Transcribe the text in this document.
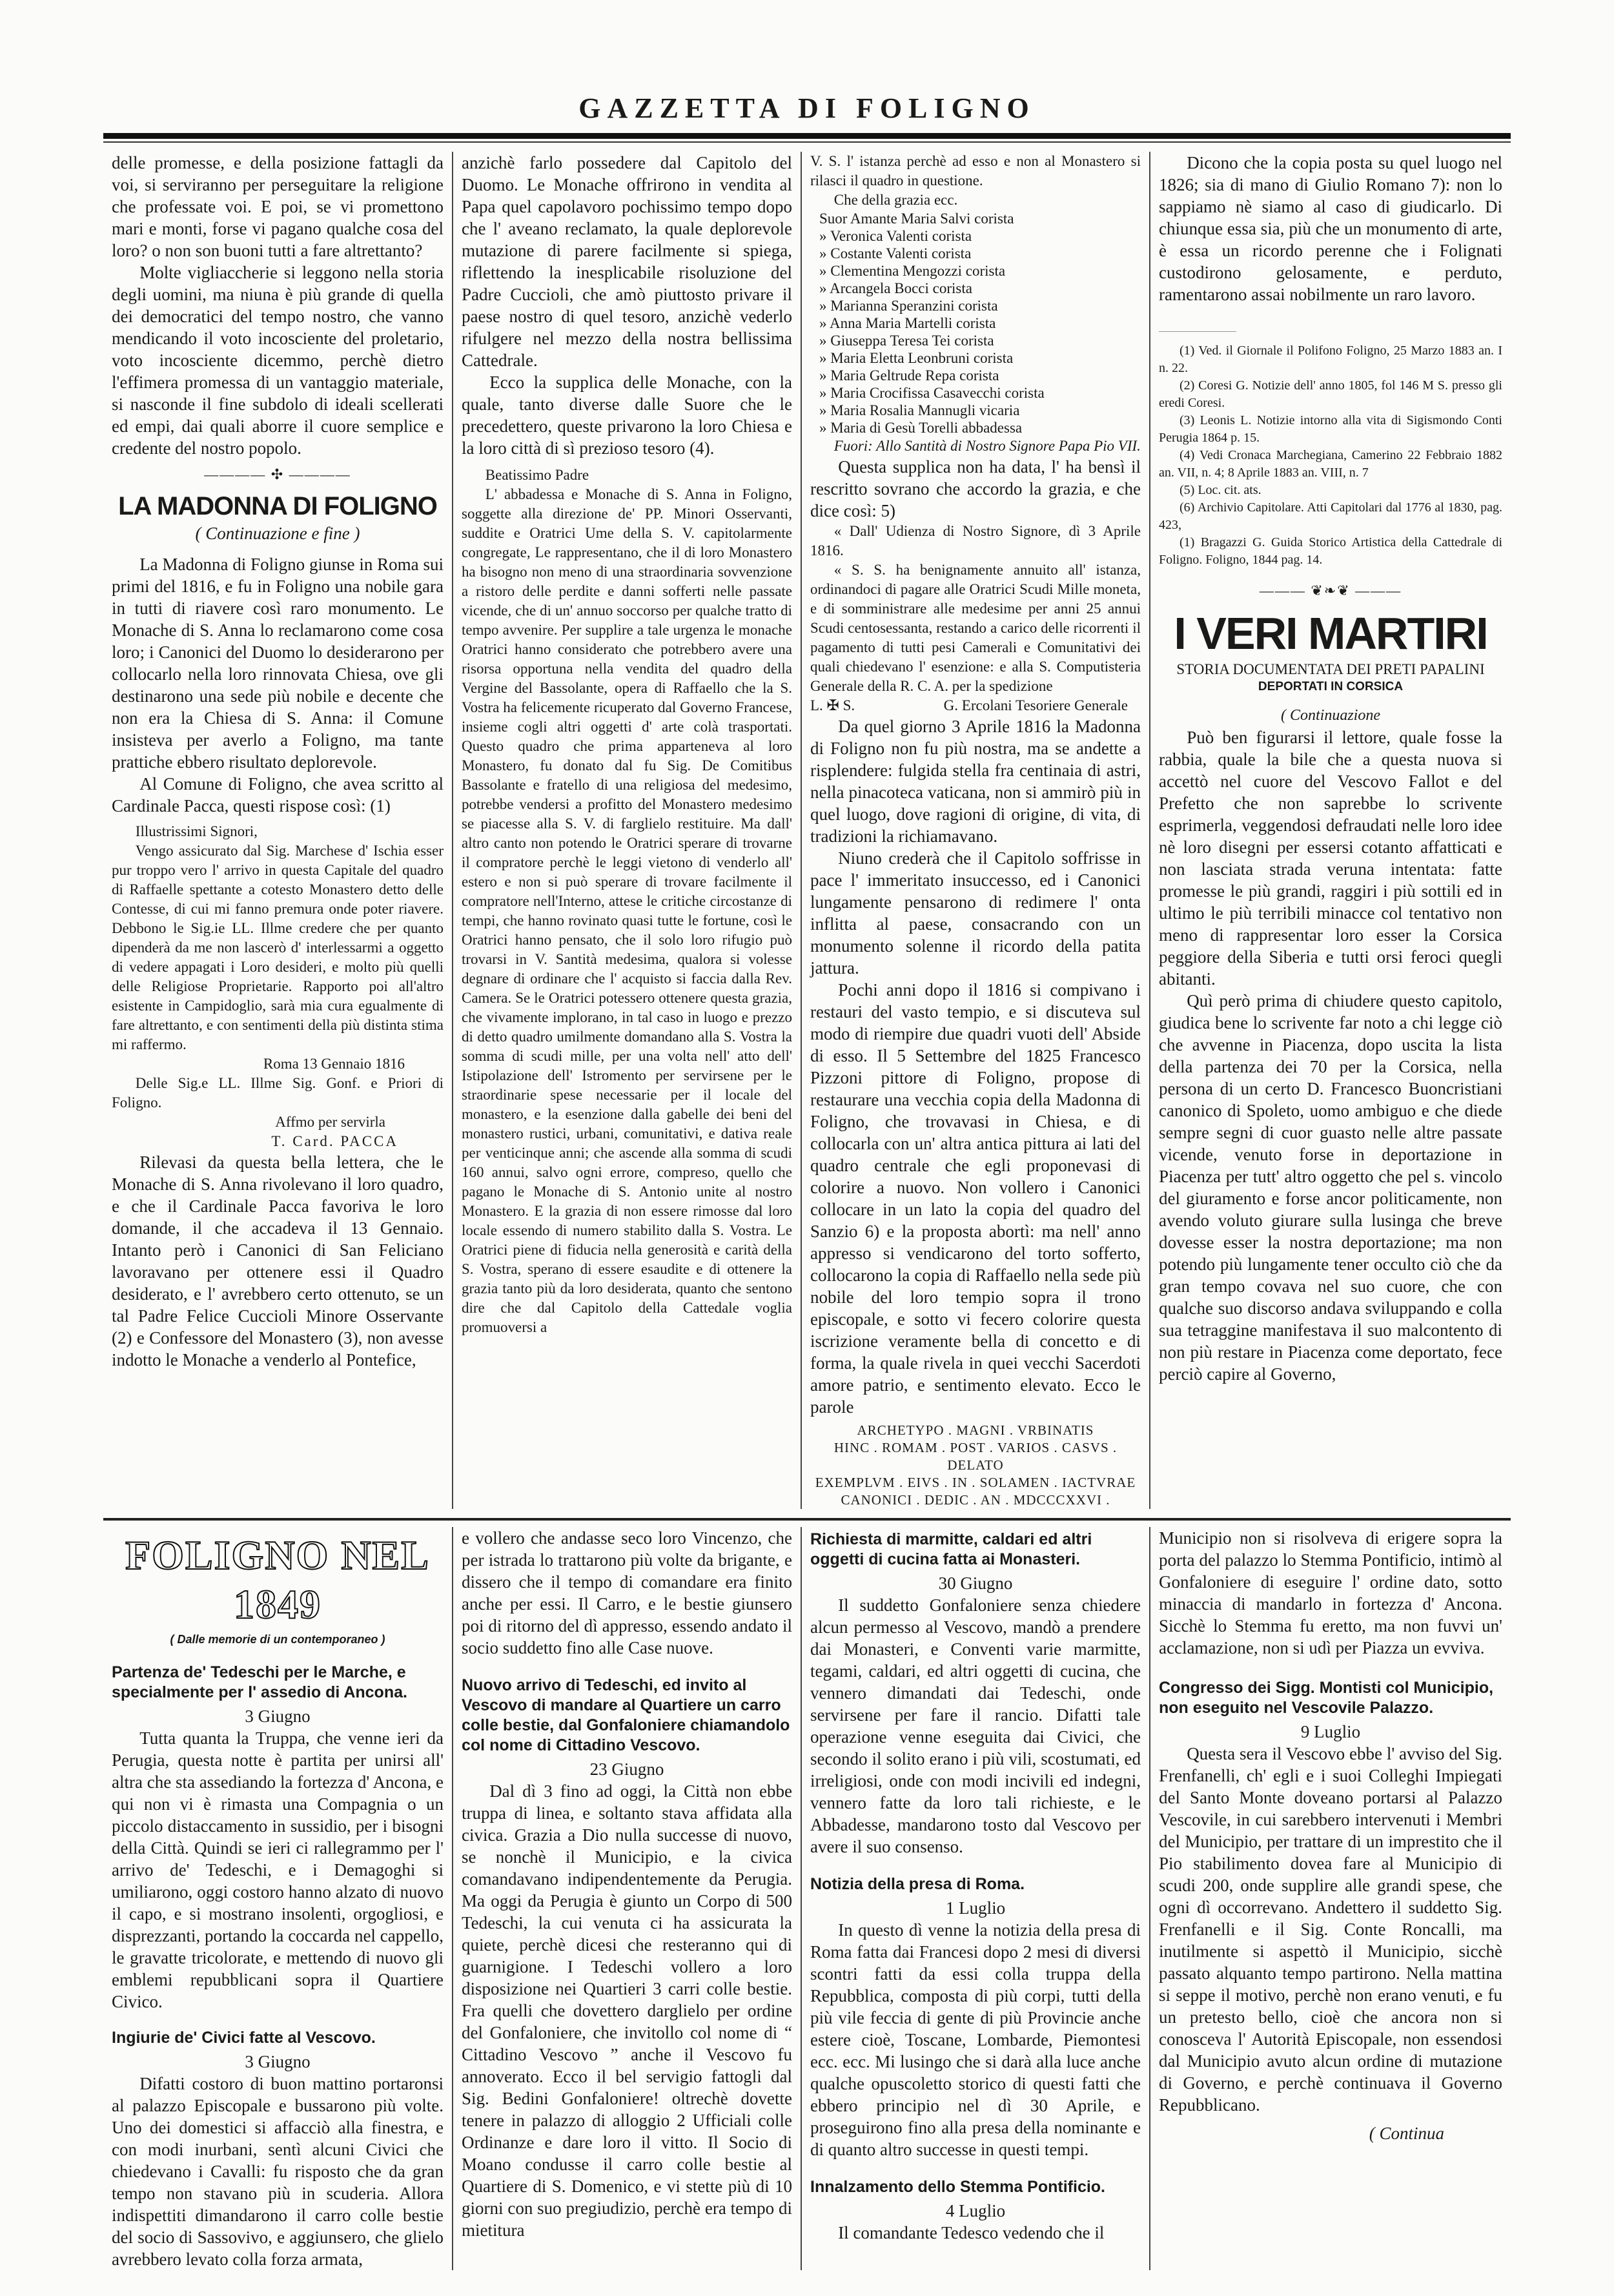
GAZZETTA DI FOLIGNO

delle promesse, e della posizione fattagli da voi, si serviranno per perseguitare la religione che professate voi. E poi, se vi promettono mari e monti, forse vi pagano qualche cosa del loro? o non son buoni tutti a fare altrettanto?

Molte vigliaccherie si leggono nella storia degli uomini, ma niuna è più grande di quella dei democratici del tempo nostro, che vanno mendicando il voto incosciente del proletario, voto incosciente dicemmo, perchè dietro l'effimera promessa di un vantaggio materiale, si nasconde il fine subdolo di ideali scellerati ed empi, dai quali aborre il cuore semplice e credente del nostro popolo.

———— ✣ ————
LA MADONNA DI FOLIGNO
( Continuazione e fine )

La Madonna di Foligno giunse in Roma sui primi del 1816, e fu in Foligno una nobile gara in tutti di riavere così raro monumento. Le Monache di S. Anna lo reclamarono come cosa loro; i Canonici del Duomo lo desiderarono per collocarlo nella loro rinnovata Chiesa, ove gli destinarono una sede più nobile e decente che non era la Chiesa di S. Anna: il Comune insisteva per averlo a Foligno, ma tante prattiche ebbero risultato deplorevole.

Al Comune di Foligno, che avea scritto al Cardinale Pacca, questi rispose così: (1)

Illustrissimi Signori,

Vengo assicurato dal Sig. Marchese d' Ischia esser pur troppo vero l' arrivo in questa Capitale del quadro di Raffaelle spettante a cotesto Monastero detto delle Contesse, di cui mi fanno premura onde poter riavere. Debbono le Sig.ie LL. Illme credere che per quanto dipenderà da me non lascerò d' interlessarmi a oggetto di vedere appagati i Loro desideri, e molto più quelli delle Religiose Proprietarie. Rapporto poi all'altro esistente in Campidoglio, sarà mia cura egualmente di fare altrettanto, e con sentimenti della più distinta stima mi raffermo.

Roma 13 Gennaio 1816

Delle Sig.e LL. Illme Sig. Gonf. e Priori di Foligno.

Affmo per servirla

T. Card. PACCA

Rilevasi da questa bella lettera, che le Monache di S. Anna rivolevano il loro quadro, e che il Cardinale Pacca favoriva le loro domande, il che accadeva il 13 Gennaio. Intanto però i Canonici di San Feliciano lavoravano per ottenere essi il Quadro desiderato, e l' avrebbero certo ottenuto, se un tal Padre Felice Cuccioli Minore Osservante (2) e Confessore del Monastero (3), non avesse indotto le Monache a venderlo al Pontefice,

anzichè farlo possedere dal Capitolo del Duomo. Le Monache offrirono in vendita al Papa quel capolavoro pochissimo tempo dopo che l' aveano reclamato, la quale deplorevole mutazione di parere facilmente si spiega, riflettendo la inesplicabile risoluzione del Padre Cuccioli, che amò piuttosto privare il paese nostro di quel tesoro, anzichè vederlo rifulgere nel mezzo della nostra bellissima Cattedrale.

Ecco la supplica delle Monache, con la quale, tanto diverse dalle Suore che le precedettero, queste privarono la loro Chiesa e la loro città di sì prezioso tesoro (4).

Beatissimo Padre

L' abbadessa e Monache di S. Anna in Foligno, soggette alla direzione de' PP. Minori Osservanti, suddite e Oratrici Ume della S. V. capitolarmente congregate, Le rappresentano, che il di loro Monastero ha bisogno non meno di una straordinaria sovvenzione a ristoro delle perdite e danni sofferti nelle passate vicende, che di un' annuo soccorso per qualche tratto di tempo avvenire. Per supplire a tale urgenza le monache Oratrici hanno considerato che potrebbero avere una risorsa opportuna nella vendita del quadro della Vergine del Bassolante, opera di Raffaello che la S. Vostra ha felicemente ricuperato dal Governo Francese, insieme cogli altri oggetti d' arte colà trasportati. Questo quadro che prima apparteneva al loro Monastero, fu donato dal fu Sig. De Comitibus Bassolante e fratello di una religiosa del medesimo, potrebbe vendersi a profitto del Monastero medesimo se piacesse alla S. V. di farglielo restituire. Ma dall' altro canto non potendo le Oratrici sperare di trovarne il compratore perchè le leggi vietono di venderlo all' estero e non si può sperare di trovare facilmente il compratore nell'Interno, attese le critiche circostanze di tempi, che hanno rovinato quasi tutte le fortune, così le Oratrici hanno pensato, che il solo loro rifugio può trovarsi in V. Santità medesima, qualora si volesse degnare di ordinare che l' acquisto si faccia dalla Rev. Camera. Se le Oratrici potessero ottenere questa grazia, che vivamente implorano, in tal caso in luogo e prezzo di detto quadro umilmente domandano alla S. Vostra la somma di scudi mille, per una volta nell' atto dell' Istipolazione dell' Istromento per servirsene per le straordinarie spese necessarie per il locale del monastero, e la esenzione dalla gabelle dei beni del monastero rustici, urbani, comunitativi, e dativa reale per venticinque anni; che ascende alla somma di scudi 160 annui, salvo ogni errore, compreso, quello che pagano le Monache di S. Antonio unite al nostro Monastero. E la grazia di non essere rimosse dal loro locale essendo di numero stabilito dalla S. Vostra. Le Oratrici piene di fiducia nella generosità e carità della S. Vostra, sperano di essere esaudite e di ottenere la grazia tanto più da loro desiderata, quanto che sentono dire che dal Capitolo della Cattedale voglia promuoversi a

V. S. l' istanza perchè ad esso e non al Monastero si rilasci il quadro in questione.

Che della grazia ecc.

Suor Amante Maria Salvi corista
» Veronica Valenti corista
» Costante Valenti corista
» Clementina Mengozzi corista
» Arcangela Bocci corista
» Marianna Speranzini corista
» Anna Maria Martelli corista
» Giuseppa Teresa Tei corista
» Maria Eletta Leonbruni corista
» Maria Geltrude Repa corista
» Maria Crocifissa Casavecchi corista
» Maria Rosalia Mannugli vicaria
» Maria di Gesù Torelli abbadessa

Fuori: Allo Santità di Nostro Signore Papa Pio VII.

Questa supplica non ha data, l' ha bensì il rescritto sovrano che accordo la grazia, e che dice così: 5)

« Dall' Udienza di Nostro Signore, dì 3 Aprile 1816.

« S. S. ha benignamente annuito all' istanza, ordinandoci di pagare alle Oratrici Scudi Mille moneta, e di somministrare alle medesime per anni 25 annui Scudi centosessanta, restando a carico delle ricorrenti il pagamento di tutti pesi Camerali e Comunitativi dei quali chiedevano l' esenzione: e alla S. Computisteria Generale della R. C. A. per la spedizione

L. ✠ S.	G. Ercolani Tesoriere Generale

Da quel giorno 3 Aprile 1816 la Madonna di Foligno non fu più nostra, ma se andette a risplendere: fulgida stella fra centinaia di astri, nella pinacoteca vaticana, non si ammirò più in quel luogo, dove ragioni di origine, di vita, di tradizioni la richiamavano.

Niuno crederà che il Capitolo soffrisse in pace l' immeritato insuccesso, ed i Canonici lungamente pensarono di redimere l' onta inflitta al paese, consacrando con un monumento solenne il ricordo della patita jattura.

Pochi anni dopo il 1816 si compivano i restauri del vasto tempio, e si discuteva sul modo di riempire due quadri vuoti dell' Abside di esso. Il 5 Settembre del 1825 Francesco Pizzoni pittore di Foligno, propose di restaurare una vecchia copia della Madonna di Foligno, che trovavasi in Chiesa, e di collocarla con un' altra antica pittura ai lati del quadro centrale che egli proponevasi di colorire a nuovo. Non vollero i Canonici collocare in un lato la copia del quadro del Sanzio 6) e la proposta abortì: ma nell' anno appresso si vendicarono del torto sofferto, collocarono la copia di Raffaello nella sede più nobile del loro tempio sopra il trono episcopale, e sotto vi fecero colorire questa iscrizione veramente bella di concetto e di forma, la quale rivela in quei vecchi Sacerdoti amore patrio, e sentimento elevato. Ecco le parole

ARCHETYPO . MAGNI . VRBINATIS
HINC . ROMAM . POST . VARIOS . CASVS . DELATO
EXEMPLVM . EIVS . IN . SOLAMEN . IACTVRAE
CANONICI . DEDIC . AN . MDCCCXXVI .

Dicono che la copia posta su quel luogo nel 1826; sia di mano di Giulio Romano 7): non lo sappiamo nè siamo al caso di giudicarlo. Di chiunque essa sia, più che un monumento di arte, è essa un ricordo perenne che i Folignati custodirono gelosamente, e perduto, ramentarono assai nobilmente un raro lavoro.

(1) Ved. il Giornale il Polifono Foligno, 25 Marzo 1883 an. I n. 22.

(2) Coresi G. Notizie dell' anno 1805, fol 146 M S. presso gli eredi Coresi.

(3) Leonis L. Notizie intorno alla vita di Sigismondo Conti Perugia 1864 p. 15.

(4) Vedi Cronaca Marchegiana, Camerino 22 Febbraio 1882 an. VII, n. 4; 8 Aprile 1883 an. VIII, n. 7

(5) Loc. cit. ats.

(6) Archivio Capitolare. Atti Capitolari dal 1776 al 1830, pag. 423,

(1) Bragazzi G. Guida Storico Artistica della Cattedrale di Foligno. Foligno, 1844 pag. 14.

——— ❦❧❦ ———
I VERI MARTIRI
STORIA DOCUMENTATA DEI PRETI PAPALINI
DEPORTATI IN CORSICA
( Continuazione

Può ben figurarsi il lettore, quale fosse la rabbia, quale la bile che a questa nuova si accettò nel cuore del Vescovo Fallot e del Prefetto che non saprebbe lo scrivente esprimerla, veggendosi defraudati nelle loro idee nè loro disegni per essersi cotanto affatticati e non lasciata strada veruna intentata: fatte promesse le più grandi, raggiri i più sottili ed in ultimo le più terribili minacce col tentativo non meno di rappresentar loro esser la Corsica peggiore della Siberia e tutti orsi feroci quegli abitanti.

Quì però prima di chiudere questo capitolo, giudica bene lo scrivente far noto a chi legge ciò che avvenne in Piacenza, dopo uscita la lista della partenza dei 70 per la Corsica, nella persona di un certo D. Francesco Buoncristiani canonico di Spoleto, uomo ambiguo e che diede sempre segni di cuor guasto nelle altre passate vicende, venuto forse in deportazione in Piacenza per tutt' altro oggetto che pel s. vincolo del giuramento e forse ancor politicamente, non avendo voluto giurare sulla lusinga che breve dovesse esser la nostra deportazione; ma non potendo più lungamente tener occulto ciò che da gran tempo covava nel suo cuore, che con qualche suo discorso andava sviluppando e colla sua tetraggine manifestava il suo malcontento di non più restare in Piacenza come deportato, fece perciò capire al Governo,

FOLIGNO NEL 1849
( Dalle memorie di un contemporaneo )
Partenza de' Tedeschi per le Marche, e specialmente per l' assedio di Ancona.

3 Giugno

Tutta quanta la Truppa, che venne ieri da Perugia, questa notte è partita per unirsi all' altra che sta assediando la fortezza d' Ancona, e qui non vi è rimasta una Compagnia o un piccolo distaccamento in sussidio, per i bisogni della Città. Quindi se ieri ci rallegrammo per l' arrivo de' Tedeschi, e i Demagoghi si umiliarono, oggi costoro hanno alzato di nuovo il capo, e si mostrano insolenti, orgogliosi, e disprezzanti, portando la coccarda nel cappello, le gravatte tricolorate, e mettendo di nuovo gli emblemi repubblicani sopra il Quartiere Civico.

Ingiurie de' Civici fatte al Vescovo.

3 Giugno

Difatti costoro di buon mattino portaronsi al palazzo Episcopale e bussarono più volte. Uno dei domestici si affacciò alla finestra, e con modi inurbani, sentì alcuni Civici che chiedevano i Cavalli: fu risposto che da gran tempo non stavano più in scuderia. Allora indispettiti dimandarono il carro colle bestie del socio di Sassovivo, e aggiunsero, che glielo avrebbero levato colla forza armata,

e vollero che andasse seco loro Vincenzo, che per istrada lo trattarono più volte da brigante, e dissero che il tempo di comandare era finito anche per essi. Il Carro, e le bestie giunsero poi di ritorno del dì appresso, essendo andato il socio suddetto fino alle Case nuove.

Nuovo arrivo di Tedeschi, ed invito al Vescovo di mandare al Quartiere un carro colle bestie, dal Gonfaloniere chiamandolo col nome di Cittadino Vescovo.

23 Giugno

Dal dì 3 fino ad oggi, la Città non ebbe truppa di linea, e soltanto stava affidata alla civica. Grazia a Dio nulla successe di nuovo, se nonchè il Municipio, e la civica comandavano indipendentemente da Perugia. Ma oggi da Perugia è giunto un Corpo di 500 Tedeschi, la cui venuta ci ha assicurata la quiete, perchè dicesi che resteranno qui di guarnigione. I Tedeschi vollero a loro disposizione nei Quartieri 3 carri colle bestie. Fra quelli che dovettero darglielo per ordine del Gonfaloniere, che invitollo col nome di “ Cittadino Vescovo ” anche il Vescovo fu annoverato. Ecco il bel servigio fattogli dal Sig. Bedini Gonfaloniere! oltrechè dovette tenere in palazzo di alloggio 2 Ufficiali colle Ordinanze e dare loro il vitto. Il Socio di Moano condusse il carro colle bestie al Quartiere di S. Domenico, e vi stette più di 10 giorni con suo pregiudizio, perchè era tempo di mietitura

Richiesta di marmitte, caldari ed altri oggetti di cucina fatta ai Monasteri.

30 Giugno

Il suddetto Gonfaloniere senza chiedere alcun permesso al Vescovo, mandò a prendere dai Monasteri, e Conventi varie marmitte, tegami, caldari, ed altri oggetti di cucina, che vennero dimandati dai Tedeschi, onde servirsene per fare il rancio. Difatti tale operazione venne eseguita dai Civici, che secondo il solito erano i più vili, scostumati, ed irreligiosi, onde con modi incivili ed indegni, vennero fatte da loro tali richieste, e le Abbadesse, mandarono tosto dal Vescovo per avere il suo consenso.

Notizia della presa di Roma.

1 Luglio

In questo dì venne la notizia della presa di Roma fatta dai Francesi dopo 2 mesi di diversi scontri fatti da essi colla truppa della Repubblica, composta di più corpi, tutti della più vile feccia di gente di più Provincie anche estere cioè, Toscane, Lombarde, Piemontesi ecc. ecc. Mi lusingo che si darà alla luce anche qualche opuscoletto storico di questi fatti che ebbero principio nel dì 30 Aprile, e proseguirono fino alla presa della nominante e di quanto altro successe in questi tempi.

Innalzamento dello Stemma Pontificio.

4 Luglio

Il comandante Tedesco vedendo che il

Municipio non si risolveva di erigere sopra la porta del palazzo lo Stemma Pontificio, intimò al Gonfaloniere di eseguire l' ordine dato, sotto minaccia di mandarlo in fortezza d' Ancona. Sicchè lo Stemma fu eretto, ma non fuvvi un' acclamazione, non si udì per Piazza un evviva.

Congresso dei Sigg. Montisti col Municipio, non eseguito nel Vescovile Palazzo.

9 Luglio

Questa sera il Vescovo ebbe l' avviso del Sig. Frenfanelli, ch' egli e i suoi Colleghi Impiegati del Santo Monte doveano portarsi al Palazzo Vescovile, in cui sarebbero intervenuti i Membri del Municipio, per trattare di un imprestito che il Pio stabilimento dovea fare al Municipio di scudi 200, onde supplire alle grandi spese, che ogni dì occorrevano. Andettero il suddetto Sig. Frenfanelli e il Sig. Conte Roncalli, ma inutilmente si aspettò il Municipio, sicchè passato alquanto tempo partirono. Nella mattina si seppe il motivo, perchè non erano venuti, e fu un pretesto bello, cioè che ancora non si conosceva l' Autorità Episcopale, non essendosi dal Municipio avuto alcun ordine di mutazione di Governo, e perchè continuava il Governo Repubblicano.

( Continua
